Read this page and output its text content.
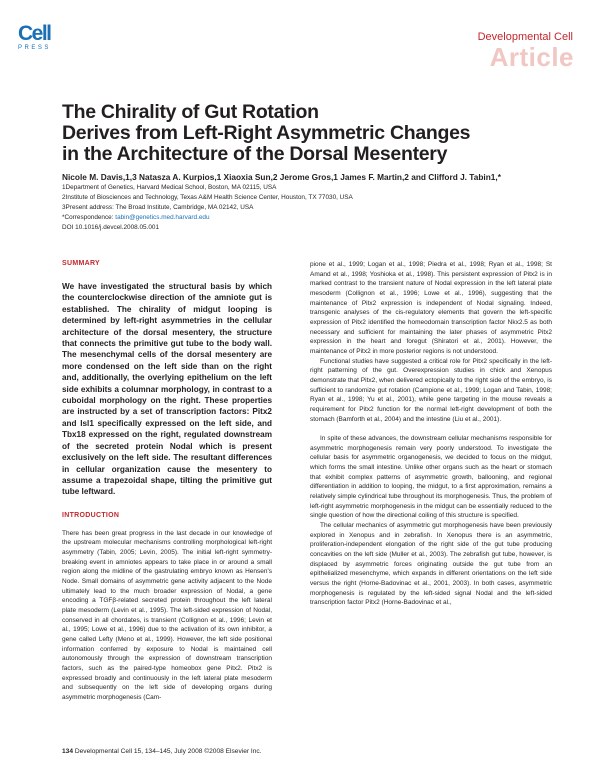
Cell
PRESS
Developmental Cell
Article
The Chirality of Gut Rotation
Derives from Left-Right Asymmetric Changes
in the Architecture of the Dorsal Mesentery
Nicole M. Davis,1,3 Natasza A. Kurpios,1 Xiaoxia Sun,2 Jerome Gros,1 James F. Martin,2 and Clifford J. Tabin1,*
1Department of Genetics, Harvard Medical School, Boston, MA 02115, USA
2Institute of Biosciences and Technology, Texas A&M Health Science Center, Houston, TX 77030, USA
3Present address: The Broad Institute, Cambridge, MA 02142, USA
*Correspondence: tabin@genetics.med.harvard.edu
DOI 10.1016/j.devcel.2008.05.001
SUMMARY

We have investigated the structural basis by which the counterclockwise direction of the amniote gut is established. The chirality of midgut looping is determined by left-right asymmetries in the cellular architecture of the dorsal mesentery, the structure that connects the primitive gut tube to the body wall. The mesenchymal cells of the dorsal mesentery are more condensed on the left side than on the right and, additionally, the overlying epithelium on the left side exhibits a columnar morphology, in contrast to a cuboidal morphology on the right. These properties are instructed by a set of transcription factors: Pitx2 and Isl1 specifically expressed on the left side, and Tbx18 expressed on the right, regulated downstream of the secreted protein Nodal which is present exclusively on the left side. The resultant differences in cellular organization cause the mesentery to assume a trapezoidal shape, tilting the primitive gut tube leftward.

INTRODUCTION

There has been great progress in the last decade in our knowledge of the upstream molecular mechanisms controlling morphological left-right asymmetry (Tabin, 2005; Levin, 2005). The initial left-right symmetry-breaking event in amniotes appears to take place in or around a small region along the midline of the gastrulating embryo known as Hensen's Node. Small domains of asymmetric gene activity adjacent to the Node ultimately lead to the much broader expression of Nodal, a gene encoding a TGFβ-related secreted protein throughout the left lateral plate mesoderm (Levin et al., 1995). The left-sided expression of Nodal, conserved in all chordates, is transient (Collignon et al., 1996; Levin et al., 1995; Lowe et al., 1996) due to the activation of its own inhibitor, a gene called Lefty (Meno et al., 1999). However, the left side positional information conferred by exposure to Nodal is maintained cell autonomously through the expression of downstream transcription factors, such as the paired-type homeobox gene Pitx2. Pitx2 is expressed broadly and continuously in the left lateral plate mesoderm and subsequently on the left side of developing organs during asymmetric morphogenesis (Cam-

pione et al., 1999; Logan et al., 1998; Piedra et al., 1998; Ryan et al., 1998; St Amand et al., 1998; Yoshioka et al., 1998). This persistent expression of Pitx2 is in marked contrast to the transient nature of Nodal expression in the left lateral plate mesoderm (Collignon et al., 1996; Lowe et al., 1996), suggesting that the maintenance of Pitx2 expression is independent of Nodal signaling. Indeed, transgenic analyses of the cis-regulatory elements that govern the left-specific expression of Pitx2 identified the homeodomain transcription factor Nkx2.5 as both necessary and sufficient for maintaining the later phases of asymmetric Pitx2 expression in the heart and foregut (Shiratori et al., 2001). However, the maintenance of Pitx2 in more posterior regions is not understood.

Functional studies have suggested a critical role for Pitx2 specifically in the left-right patterning of the gut. Overexpression studies in chick and Xenopus demonstrate that Pitx2, when delivered ectopically to the right side of the embryo, is sufficient to randomize gut rotation (Campione et al., 1999; Logan and Tabin, 1998; Ryan et al., 1998; Yu et al., 2001), while gene targeting in the mouse reveals a requirement for Pitx2 function for the normal left-right development of both the stomach (Bamforth et al., 2004) and the intestine (Liu et al., 2001).

In spite of these advances, the downstream cellular mechanisms responsible for asymmetric morphogenesis remain very poorly understood. To investigate the cellular basis for asymmetric organogenesis, we decided to focus on the midgut, which forms the small intestine. Unlike other organs such as the heart or stomach that exhibit complex patterns of asymmetric growth, ballooning, and regional differentiation in addition to looping, the midgut, to a first approximation, remains a relatively simple cylindrical tube throughout its morphogenesis. Thus, the problem of left-right asymmetric morphogenesis in the midgut can be essentially reduced to the single question of how the directional coiling of this structure is specified.

The cellular mechanics of asymmetric gut morphogenesis have been previously explored in Xenopus and in zebrafish. In Xenopus there is an asymmetric, proliferation-independent elongation of the right side of the gut tube producing concavities on the left side (Muller et al., 2003). The zebrafish gut tube, however, is displaced by asymmetric forces originating outside the gut tube from an epithelialized mesenchyme, which expands in different orientations on the left side versus the right (Horne-Badovinac et al., 2001, 2003). In both cases, asymmetric morphogenesis is regulated by the left-sided signal Nodal and the left-sided transcription factor Pitx2 (Horne-Badovinac et al.,

134 Developmental Cell 15, 134–145, July 2008 ©2008 Elsevier Inc.
